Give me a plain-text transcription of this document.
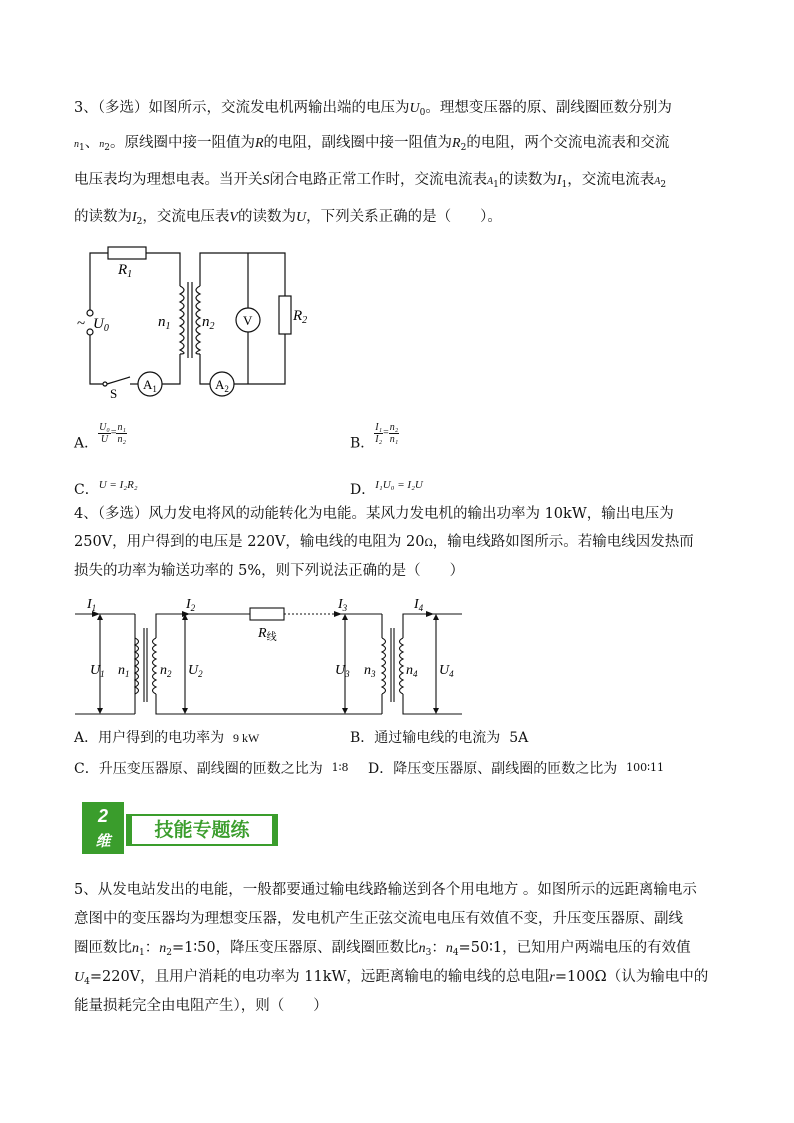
3、（多选）如图所示，交流发电机两输出端的电压为$U_0$。理想变压器的原、副线圈匝数分别为
$n_1$、$n_2$。原线圈中接一阻值为R的电阻，副线圈中接一阻值为$R_2$的电阻，两个交流电流表和交流
电压表均为理想电表。当开关S闭合电路正常工作时，交流电流表$A_1$的读数为$I_1$，交流电流表$A_2$
的读数为$I_2$，交流电压表V的读数为U，下列关系正确的是（　　）。
$R_1$
~ $U_0$	$n_1$ $n_2$ V	$R_2$
S
$A_1$	$A_2$
A． $\frac{\text{U₀}}{U} = \frac{\text{n₁}}{\text{n₂}}$	B． $\frac{\text{I₁}}{\text{I₂}} = \frac{\text{n₂}}{\text{n₁}}$
C．U = I₂R₂	D．I₁U₀ = I₂U
4、（多选）风力发电将风的动能转化为电能。某风力发电机的输出功率为 10kW，输出电压为
250V，用户得到的电压是 220V，输电线的电阻为 20Ω，输电线路如图所示。若输电线因发热而
损失的功率为输送功率的 5%，则下列说法正确的是（　　）
$I_1$	$I_2$	$I_3$	$I_4$
$R_线$
$U_1$ $n_1$ $n_2$ $U_2$	$U_3$ $n_3$ $n_4$ $U_4$
A．用户得到的电功率为 9 kW	B．通过输电线的电流为 5A
C．升压变压器原、副线圈的匝数之比为 1∶8 D．降压变压器原、副线圈的匝数之比为 100∶11
2
维	技能专题练
5、从发电站发出的电能，一般都要通过输电线路输送到各个用电地方 。如图所示的远距离输电示
意图中的变压器均为理想变压器，发电机产生正弦交流电电压有效值不变，升压变压器原、副线
圈匝数比$n_1$：$n_2=1∶50$，降压变压器原、副线圈匝数比$n_3$：$n_4=50∶1$，已知用户两端电压的有效值
$U_4=220V$，且用户消耗的电功率为 11kW，远距离输电的输电线的总电阻r=100Ω（认为输电中的
能量损耗完全由电阻产生），则（　　）
